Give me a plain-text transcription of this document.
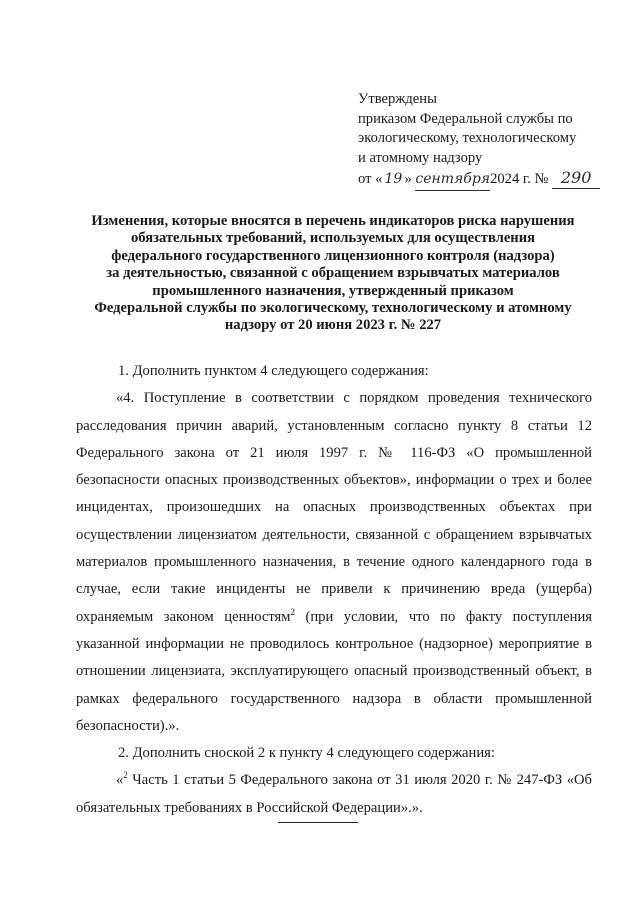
Утверждены
приказом Федеральной службы по
экологическому, технологическому
и атомному надзору
от « 19 » сентября2024 г. № 290
Изменения, которые вносятся в перечень индикаторов риска нарушения
обязательных требований, используемых для осуществления
федерального государственного лицензионного контроля (надзора)
за деятельностью, связанной с обращением взрывчатых материалов
промышленного назначения, утвержденный приказом
Федеральной службы по экологическому, технологическому и атомному
надзору от 20 июня 2023 г. № 227

1. Дополнить пунктом 4 следующего содержания:

«4. Поступление в соответствии с порядком проведения технического расследования причин аварий, установленным согласно пункту 8 статьи 12 Федерального закона от 21 июля 1997 г. № 116-ФЗ «О промышленной безопасности опасных производственных объектов», информации о трех и более инцидентах, произошедших на опасных производственных объектах при осуществлении лицензиатом деятельности, связанной с обращением взрывчатых материалов промышленного назначения, в течение одного календарного года в случае, если такие инциденты не привели к причинению вреда (ущерба) охраняемым законом ценностям$^2$ (при условии, что по факту поступления указанной информации не проводилось контрольное (надзорное) мероприятие в отношении лицензиата, эксплуатирующего опасный производственный объект, в рамках федерального государственного надзора в области промышленной безопасности).».

2. Дополнить сноской 2 к пункту 4 следующего содержания:

«$^2$ Часть 1 статьи 5 Федерального закона от 31 июля 2020 г. № 247-ФЗ «Об обязательных требованиях в Российской Федерации».».
